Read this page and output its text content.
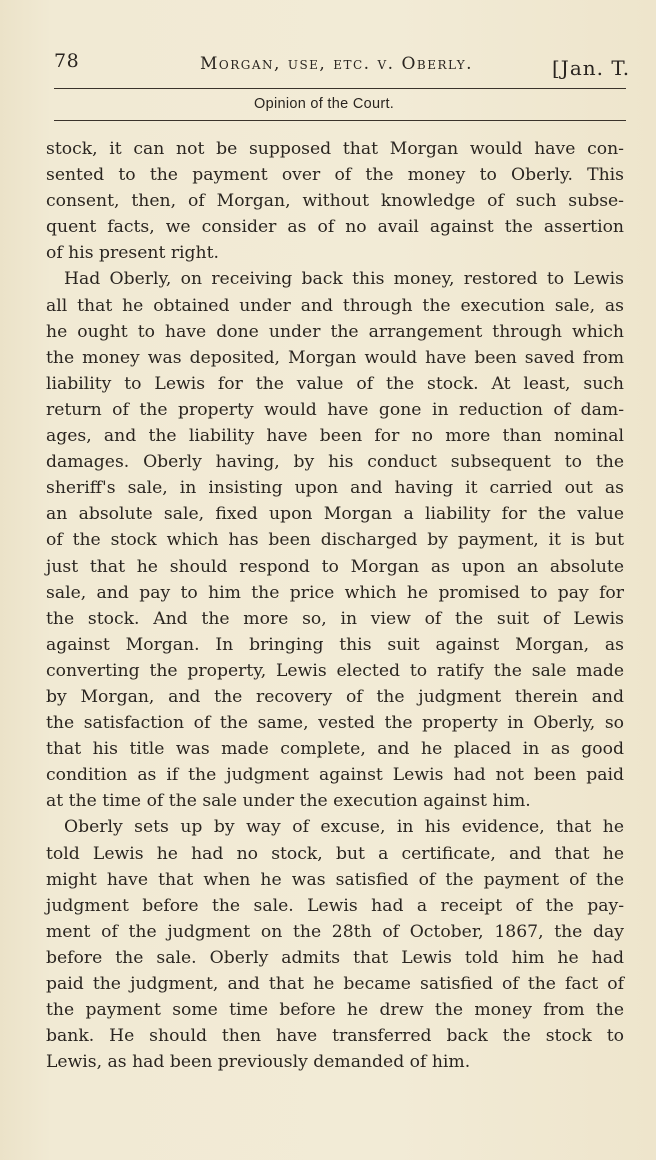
78	Morgan, use, etc. v. Oberly.	[Jan. T.
Opinion of the Court.
stock, it can not be supposed that Morgan would have con-
sented to the payment over of the money to Oberly. This
consent, then, of Morgan, without knowledge of such subse-
quent facts, we consider as of no avail against the assertion
of his present right.
Had Oberly, on receiving back this money, restored to Lewis
all that he obtained under and through the execution sale, as
he ought to have done under the arrangement through which
the money was deposited, Morgan would have been saved from
liability to Lewis for the value of the stock. At least, such
return of the property would have gone in reduction of dam-
ages, and the liability have been for no more than nominal
damages. Oberly having, by his conduct subsequent to the
sheriff's sale, in insisting upon and having it carried out as
an absolute sale, fixed upon Morgan a liability for the value
of the stock which has been discharged by payment, it is but
just that he should respond to Morgan as upon an absolute
sale, and pay to him the price which he promised to pay for
the stock. And the more so, in view of the suit of Lewis
against Morgan. In bringing this suit against Morgan, as
converting the property, Lewis elected to ratify the sale made
by Morgan, and the recovery of the judgment therein and
the satisfaction of the same, vested the property in Oberly, so
that his title was made complete, and he placed in as good
condition as if the judgment against Lewis had not been paid
at the time of the sale under the execution against him.
Oberly sets up by way of excuse, in his evidence, that he
told Lewis he had no stock, but a certificate, and that he
might have that when he was satisfied of the payment of the
judgment before the sale. Lewis had a receipt of the pay-
ment of the judgment on the 28th of October, 1867, the day
before the sale. Oberly admits that Lewis told him he had
paid the judgment, and that he became satisfied of the fact of
the payment some time before he drew the money from the
bank. He should then have transferred back the stock to
Lewis, as had been previously demanded of him.
